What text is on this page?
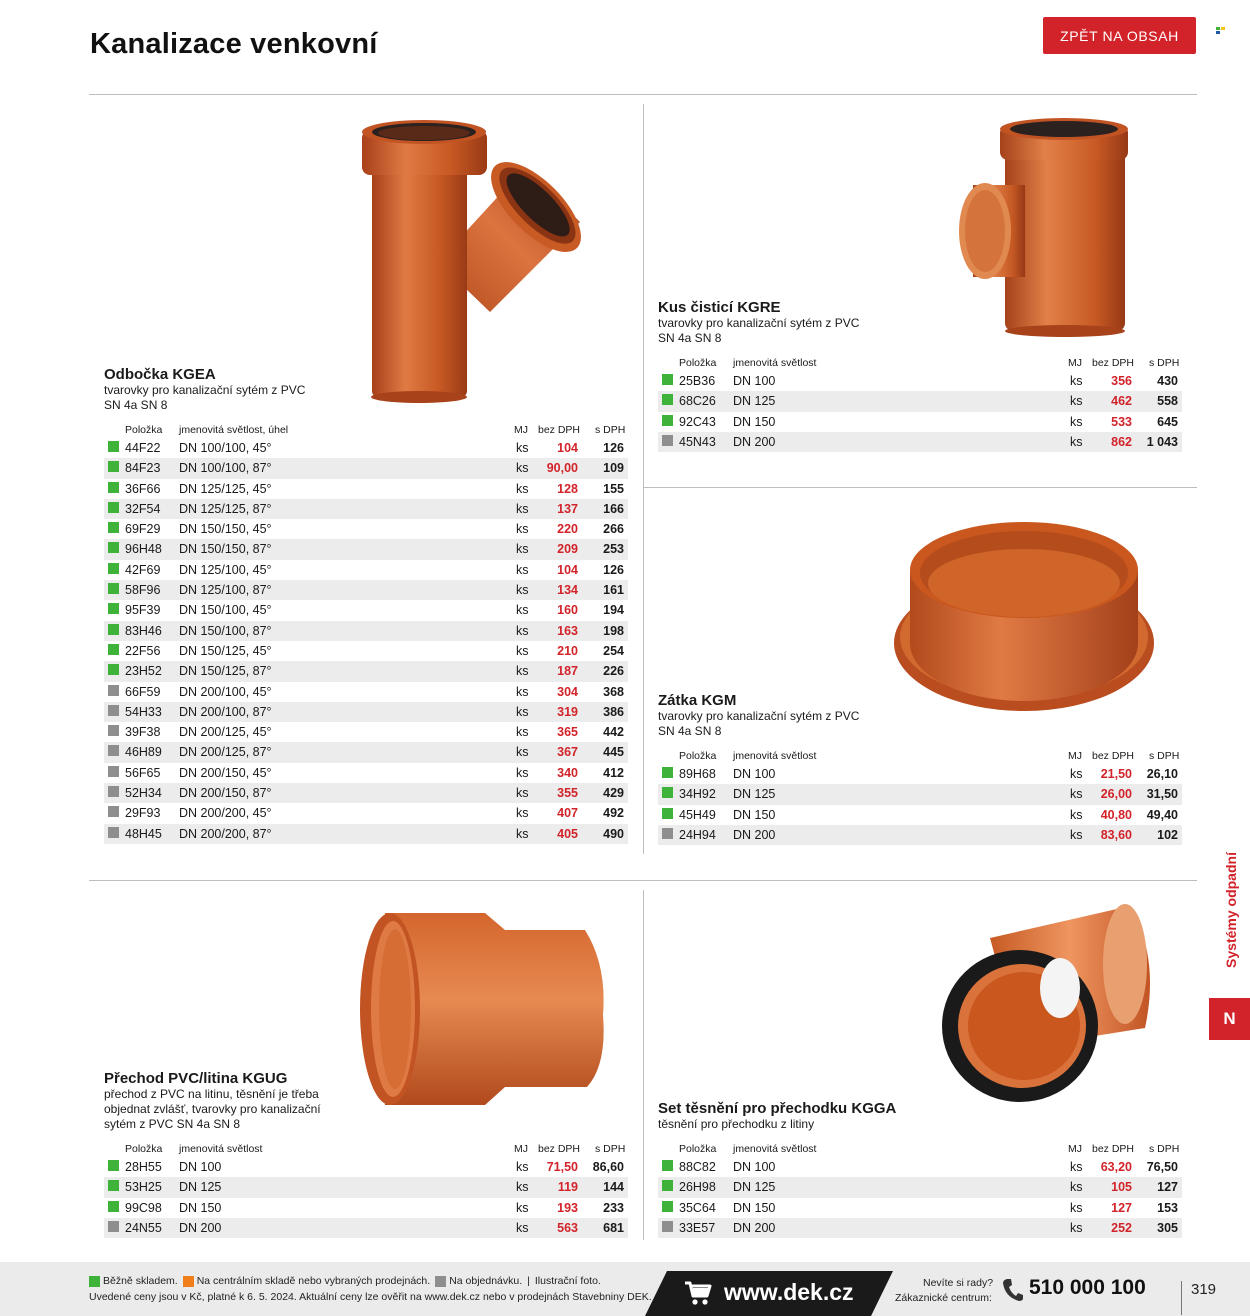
Kanalizace venkovní	ZPĚT NA OBSAH
Odbočka KGEA
tvarovky pro kanalizační sytém z PVC
SN 4a SN 8
Položka jmenovitá světlost, úhel	MJ bez DPH s DPH
44F22 DN 100/100, 45°	ks	104	126
84F23 DN 100/100, 87°	ks	90,00	109
36F66 DN 125/125, 45°	ks	128	155
32F54 DN 125/125, 87°	ks	137	166
69F29 DN 150/150, 45°	ks	220	266
96H48 DN 150/150, 87°	ks	209	253
42F69 DN 125/100, 45°	ks	104	126
58F96 DN 125/100, 87°	ks	134	161
95F39 DN 150/100, 45°	ks	160	194
83H46 DN 150/100, 87°	ks	163	198
22F56 DN 150/125, 45°	ks	210	254
23H52 DN 150/125, 87°	ks	187	226
66F59 DN 200/100, 45°	ks	304	368
54H33 DN 200/100, 87°	ks	319	386
39F38 DN 200/125, 45°	ks	365	442
46H89 DN 200/125, 87°	ks	367	445
56F65 DN 200/150, 45°	ks	340	412
52H34 DN 200/150, 87°	ks	355	429
29F93 DN 200/200, 45°	ks	407	492
48H45 DN 200/200, 87°	ks	405	490
Kus čisticí KGRE
tvarovky pro kanalizační sytém z PVC
SN 4a SN 8
Položka jmenovitá světlost	MJ bez DPH s DPH
25B36 DN 100	ks	356	430
68C26 DN 125	ks	462	558
92C43 DN 150	ks	533	645
45N43 DN 200	ks	862	1 043
Zátka KGM
tvarovky pro kanalizační sytém z PVC
SN 4a SN 8
Položka jmenovitá světlost	MJ bez DPH s DPH
89H68 DN 100	ks	21,50	26,10
34H92 DN 125	ks	26,00	31,50
45H49 DN 150	ks	40,80	49,40
24H94 DN 200	ks	83,60	102
Přechod PVC/litina KGUG
přechod z PVC na litinu, těsnění je třeba
objednat zvlášť, tvarovky pro kanalizační
sytém z PVC SN 4a SN 8
Položka jmenovitá světlost	MJ bez DPH s DPH
28H55 DN 100	ks	71,50	86,60
53H25 DN 125	ks	119	144
99C98 DN 150	ks	193	233
24N55 DN 200	ks	563	681
Set těsnění pro přechodku KGGA
těsnění pro přechodku z litiny
Položka jmenovitá světlost	MJ bez DPH s DPH
88C82 DN 100	ks	63,20	76,50
26H98 DN 125	ks	105	127
35C64 DN 150	ks	127	153
33E57 DN 200	ks	252	305
Systémy odpadní
N
Běžně skladem. Na centrálním skladě nebo vybraných prodejnách. Na objednávku. | Ilustrační foto.
Uvedené ceny jsou v Kč, platné k 6. 5. 2024. Aktuální ceny lze ověřit na www.dek.cz nebo v prodejnách Stavebniny DEK.	www.dek.cz	Nevíte si rady?
Zákaznické centrum: 510 000 100	319
